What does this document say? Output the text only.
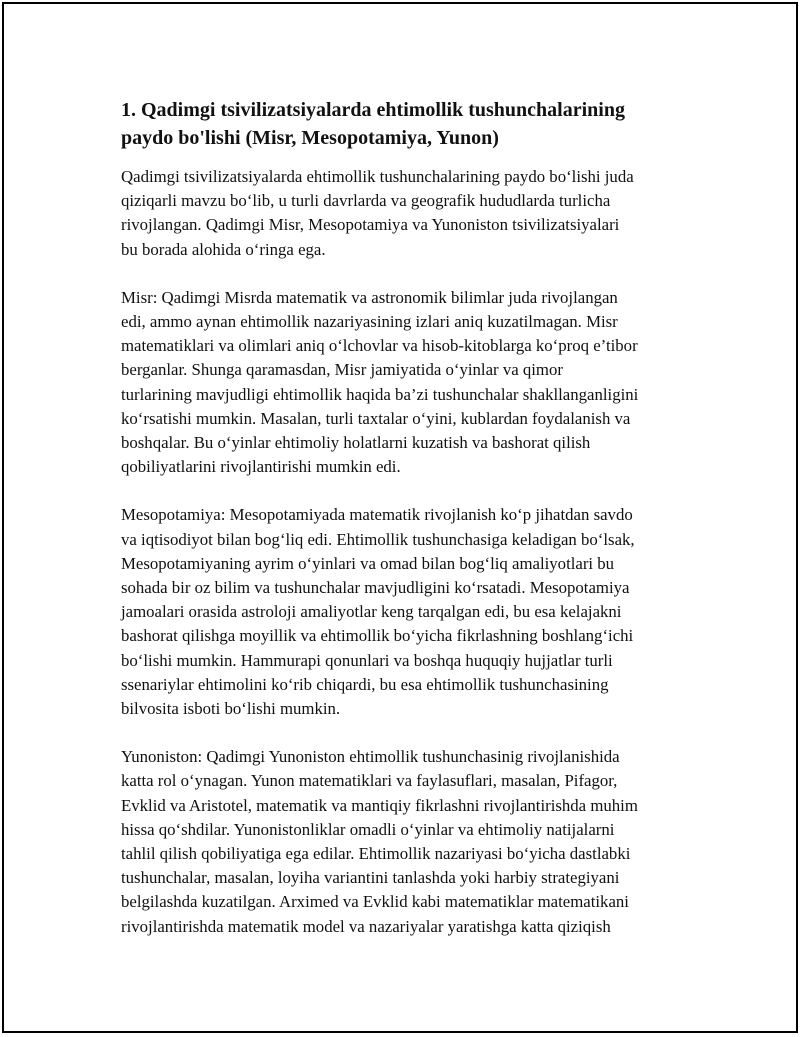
1. Qadimgi tsivilizatsiyalarda ehtimollik tushunchalarining
paydo bo'lishi (Misr, Mesopotamiya, Yunon)

Qadimgi tsivilizatsiyalarda ehtimollik tushunchalarining paydo bo‘lishi juda
qiziqarli mavzu bo‘lib, u turli davrlarda va geografik hududlarda turlicha
rivojlangan. Qadimgi Misr, Mesopotamiya va Yunoniston tsivilizatsiyalari
bu borada alohida o‘ringa ega.

Misr: Qadimgi Misrda matematik va astronomik bilimlar juda rivojlangan
edi, ammo aynan ehtimollik nazariyasining izlari aniq kuzatilmagan. Misr
matematiklari va olimlari aniq o‘lchovlar va hisob-kitoblarga ko‘proq e’tibor
berganlar. Shunga qaramasdan, Misr jamiyatida o‘yinlar va qimor
turlarining mavjudligi ehtimollik haqida ba’zi tushunchalar shakllanganligini
ko‘rsatishi mumkin. Masalan, turli taxtalar o‘yini, kublardan foydalanish va
boshqalar. Bu o‘yinlar ehtimoliy holatlarni kuzatish va bashorat qilish
qobiliyatlarini rivojlantirishi mumkin edi.

Mesopotamiya: Mesopotamiyada matematik rivojlanish ko‘p jihatdan savdo
va iqtisodiyot bilan bog‘liq edi. Ehtimollik tushunchasiga keladigan bo‘lsak,
Mesopotamiyaning ayrim o‘yinlari va omad bilan bog‘liq amaliyotlari bu
sohada bir oz bilim va tushunchalar mavjudligini ko‘rsatadi. Mesopotamiya
jamoalari orasida astroloji amaliyotlar keng tarqalgan edi, bu esa kelajakni
bashorat qilishga moyillik va ehtimollik bo‘yicha fikrlashning boshlang‘ichi
bo‘lishi mumkin. Hammurapi qonunlari va boshqa huquqiy hujjatlar turli
ssenariylar ehtimolini ko‘rib chiqardi, bu esa ehtimollik tushunchasining
bilvosita isboti bo‘lishi mumkin.

Yunoniston: Qadimgi Yunoniston ehtimollik tushunchasinig rivojlanishida
katta rol o‘ynagan. Yunon matematiklari va faylasuflari, masalan, Pifagor,
Evklid va Aristotel, matematik va mantiqiy fikrlashni rivojlantirishda muhim
hissa qo‘shdilar. Yunonistonliklar omadli o‘yinlar va ehtimoliy natijalarni
tahlil qilish qobiliyatiga ega edilar. Ehtimollik nazariyasi bo‘yicha dastlabki
tushunchalar, masalan, loyiha variantini tanlashda yoki harbiy strategiyani
belgilashda kuzatilgan. Arximed va Evklid kabi matematiklar matematikani
rivojlantirishda matematik model va nazariyalar yaratishga katta qiziqish
